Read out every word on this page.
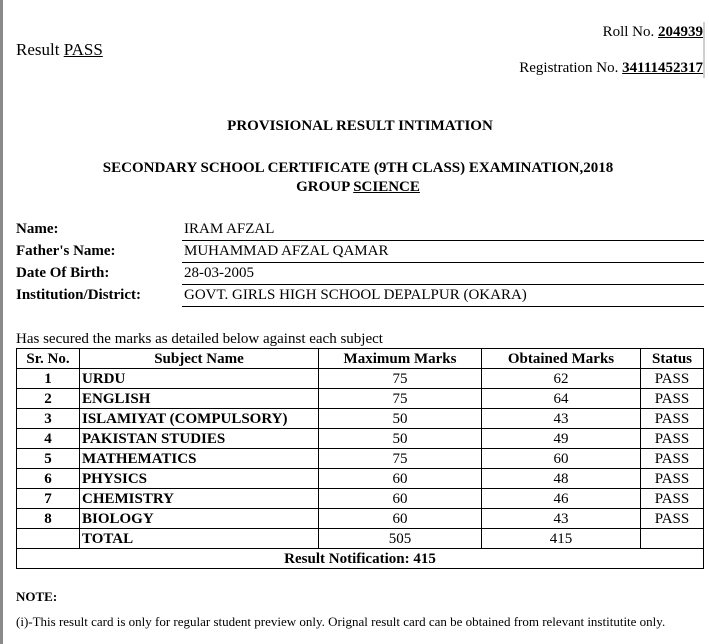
Result PASS
Roll No. 204939
Registration No. 34111452317
PROVISIONAL RESULT INTIMATION
SECONDARY SCHOOL CERTIFICATE (9TH CLASS) EXAMINATION,2018
GROUP SCIENCE
Name:	IRAM AFZAL
Father's Name:	MUHAMMAD AFZAL QAMAR
Date Of Birth:	28-03-2005
Institution/District:	GOVT. GIRLS HIGH SCHOOL DEPALPUR (OKARA)
Has secured the marks as detailed below against each subject
Sr. No.	Subject Name	Maximum Marks	Obtained Marks	Status
1	URDU	75	62	PASS
2	ENGLISH	75	64	PASS
3	ISLAMIYAT (COMPULSORY)	50	43	PASS
4	PAKISTAN STUDIES	50	49	PASS
5	MATHEMATICS	75	60	PASS
6	PHYSICS	60	48	PASS
7	CHEMISTRY	60	46	PASS
8	BIOLOGY	60	43	PASS
	TOTAL	505	415	
Result Notification: 415				
NOTE:
(i)-This result card is only for regular student preview only. Orignal result card can be obtained from relevant institutite only.
